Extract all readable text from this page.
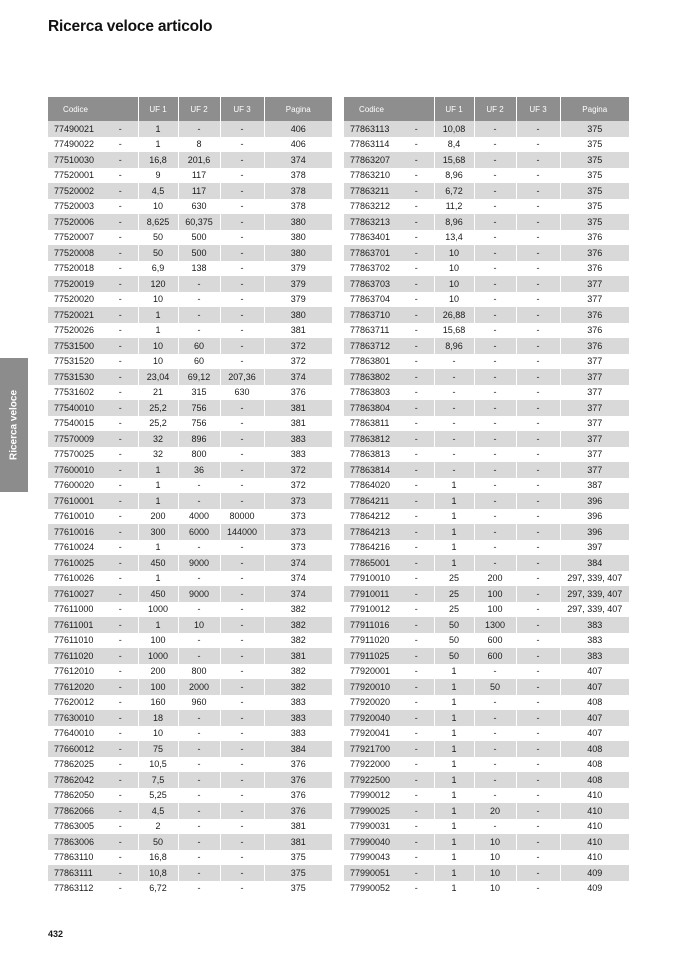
Ricerca veloce articolo
Ricerca veloce
Codice		UF 1	UF 2	UF 3	Pagina
77490021	-	1	-	-	406
77490022	-	1	8	-	406
77510030	-	16,8	201,6	-	374
77520001	-	9	117	-	378
77520002	-	4,5	117	-	378
77520003	-	10	630	-	378
77520006	-	8,625	60,375	-	380
77520007	-	50	500	-	380
77520008	-	50	500	-	380
77520018	-	6,9	138	-	379
77520019	-	120	-	-	379
77520020	-	10	-	-	379
77520021	-	1	-	-	380
77520026	-	1	-	-	381
77531500	-	10	60	-	372
77531520	-	10	60	-	372
77531530	-	23,04	69,12	207,36	374
77531602	-	21	315	630	376
77540010	-	25,2	756	-	381
77540015	-	25,2	756	-	381
77570009	-	32	896	-	383
77570025	-	32	800	-	383
77600010	-	1	36	-	372
77600020	-	1	-	-	372
77610001	-	1	-	-	373
77610010	-	200	4000	80000	373
77610016	-	300	6000	144000	373
77610024	-	1	-	-	373
77610025	-	450	9000	-	374
77610026	-	1	-	-	374
77610027	-	450	9000	-	374
77611000	-	1000	-	-	382
77611001	-	1	10	-	382
77611010	-	100	-	-	382
77611020	-	1000	-	-	381
77612010	-	200	800	-	382
77612020	-	100	2000	-	382
77620012	-	160	960	-	383
77630010	-	18	-	-	383
77640010	-	10	-	-	383
77660012	-	75	-	-	384
77862025	-	10,5	-	-	376
77862042	-	7,5	-	-	376
77862050	-	5,25	-	-	376
77862066	-	4,5	-	-	376
77863005	-	2	-	-	381
77863006	-	50	-	-	381
77863110	-	16,8	-	-	375
77863111	-	10,8	-	-	375
77863112	-	6,72	-	-	375
Codice		UF 1	UF 2	UF 3	Pagina
77863113	-	10,08	-	-	375
77863114	-	8,4	-	-	375
77863207	-	15,68	-	-	375
77863210	-	8,96	-	-	375
77863211	-	6,72	-	-	375
77863212	-	11,2	-	-	375
77863213	-	8,96	-	-	375
77863401	-	13,4	-	-	376
77863701	-	10	-	-	376
77863702	-	10	-	-	376
77863703	-	10	-	-	377
77863704	-	10	-	-	377
77863710	-	26,88	-	-	376
77863711	-	15,68	-	-	376
77863712	-	8,96	-	-	376
77863801	-	-	-	-	377
77863802	-	-	-	-	377
77863803	-	-	-	-	377
77863804	-	-	-	-	377
77863811	-	-	-	-	377
77863812	-	-	-	-	377
77863813	-	-	-	-	377
77863814	-	-	-	-	377
77864020	-	1	-	-	387
77864211	-	1	-	-	396
77864212	-	1	-	-	396
77864213	-	1	-	-	396
77864216	-	1	-	-	397
77865001	-	1	-	-	384
77910010	-	25	200	-	297, 339, 407
77910011	-	25	100	-	297, 339, 407
77910012	-	25	100	-	297, 339, 407
77911016	-	50	1300	-	383
77911020	-	50	600	-	383
77911025	-	50	600	-	383
77920001	-	1	-	-	407
77920010	-	1	50	-	407
77920020	-	1	-	-	408
77920040	-	1	-	-	407
77920041	-	1	-	-	407
77921700	-	1	-	-	408
77922000	-	1	-	-	408
77922500	-	1	-	-	408
77990012	-	1	-	-	410
77990025	-	1	20	-	410
77990031	-	1	-	-	410
77990040	-	1	10	-	410
77990043	-	1	10	-	410
77990051	-	1	10	-	409
77990052	-	1	10	-	409
432
